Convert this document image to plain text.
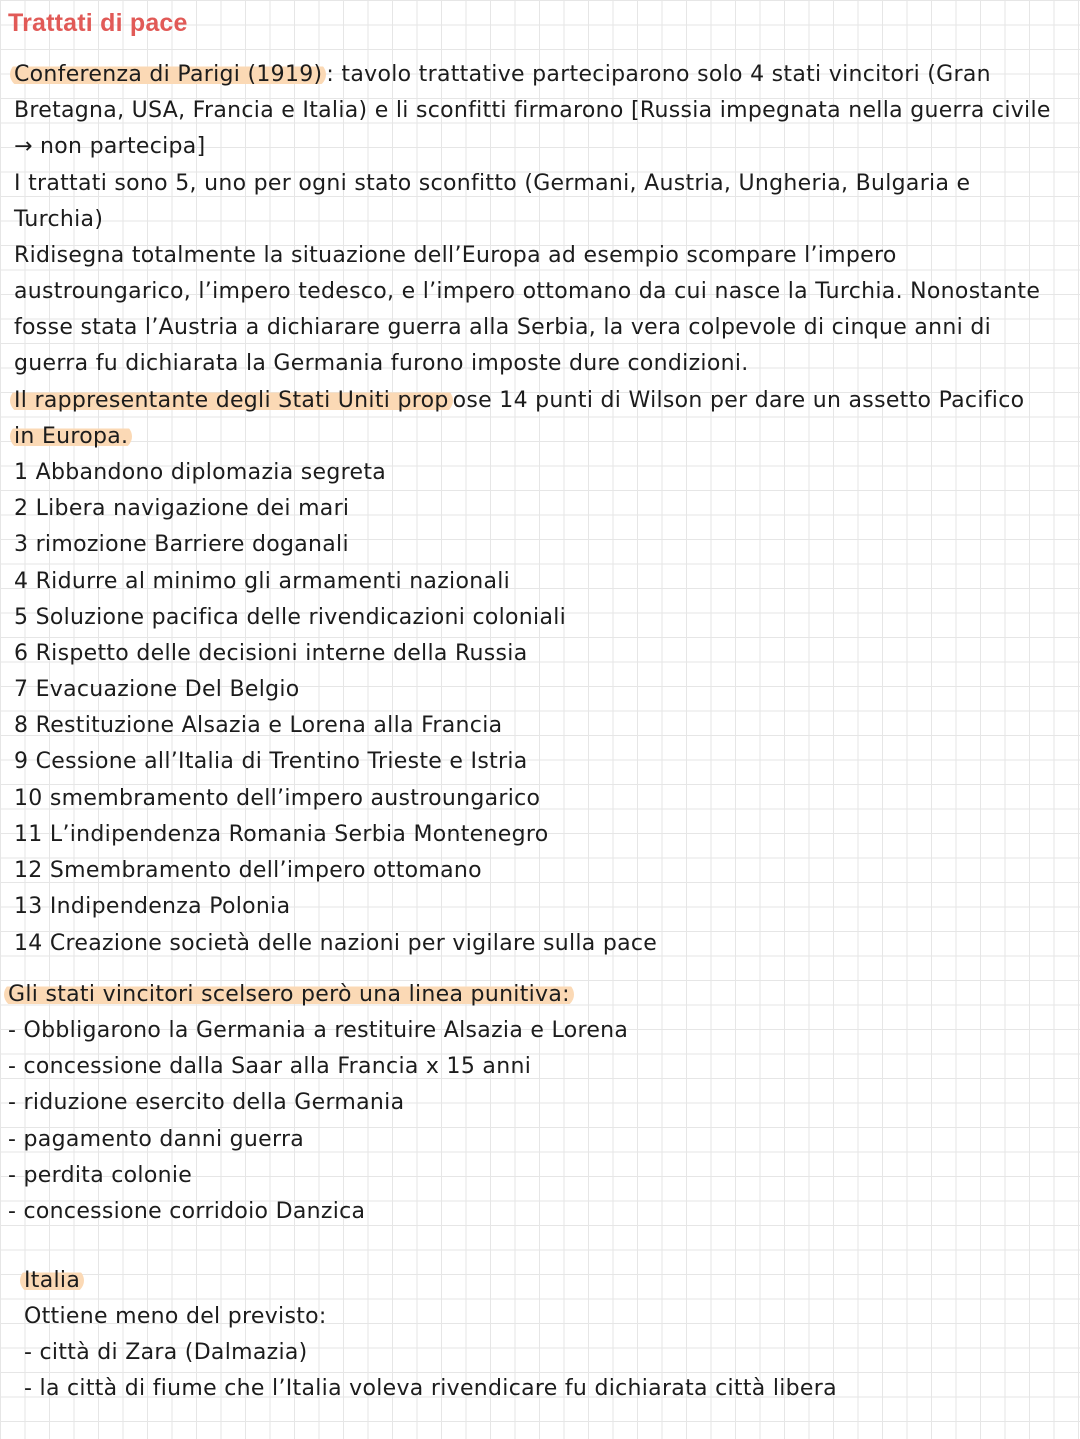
Trattati di pace
Conferenza di Parigi (1919) : tavolo trattative parteciparono solo 4 stati vincitori (Gran
Bretagna, USA, Francia e Italia) e li sconfitti firmarono [Russia impegnata nella guerra civile
→ non partecipa]
I trattati sono 5, uno per ogni stato sconfitto (Germani, Austria, Ungheria, Bulgaria e
Turchia)
Ridisegna totalmente la situazione dell’Europa ad esempio scompare l’impero
austroungarico, l’impero tedesco, e l’impero ottomano da cui nasce la Turchia. Nonostante
fosse stata l’Austria a dichiarare guerra alla Serbia, la vera colpevole di cinque anni di
guerra fu dichiarata la Germania furono imposte dure condizioni.
Il rappresentante degli Stati Uniti prop ose 14 punti di Wilson per dare un assetto Pacifico
in Europa.
1 Abbandono diplomazia segreta
2 Libera navigazione dei mari
3 rimozione Barriere doganali
4 Ridurre al minimo gli armamenti nazionali
5 Soluzione pacifica delle rivendicazioni coloniali
6 Rispetto delle decisioni interne della Russia
7 Evacuazione Del Belgio
8 Restituzione Alsazia e Lorena alla Francia
9 Cessione all’Italia di Trentino Trieste e Istria
10 smembramento dell’impero austroungarico
11 L’indipendenza Romania Serbia Montenegro
12 Smembramento dell’impero ottomano
13 Indipendenza Polonia
14 Creazione società delle nazioni per vigilare sulla pace
Gli stati vincitori scelsero però una linea punitiva:
- Obbligarono la Germania a restituire Alsazia e Lorena
- concessione dalla Saar alla Francia x 15 anni
- riduzione esercito della Germania
- pagamento danni guerra
- perdita colonie
- concessione corridoio Danzica
Italia
Ottiene meno del previsto:
- città di Zara (Dalmazia)
- la città di fiume che l’Italia voleva rivendicare fu dichiarata città libera
